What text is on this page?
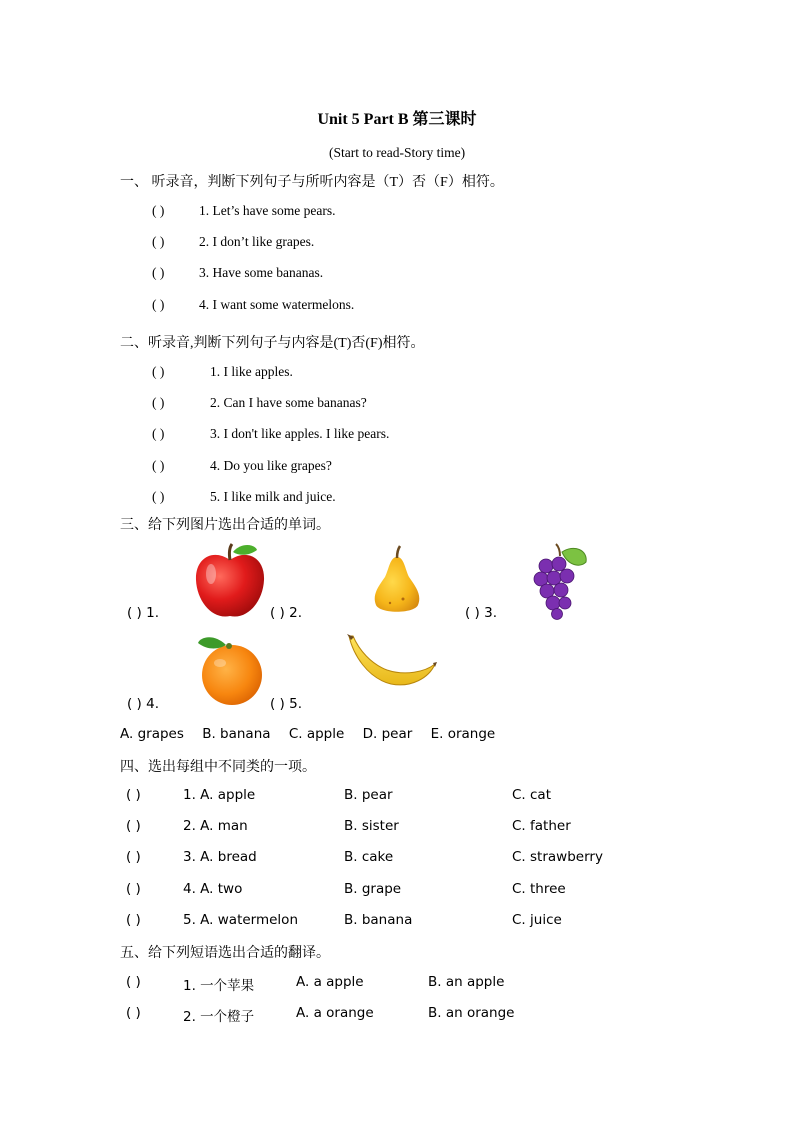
Unit 5 Part B 第三课时
(Start to read-Story time)
一、 听录音，判断下列句子与所听内容是（T）否（F）相符。
( )	1. Let’s have some pears.
( )	2. I don’t like grapes.
( )	3. Have some bananas.
( )	4. I want some watermelons.
二、听录音,判断下列句子与内容是(T)否(F)相符。
( )	1. I like apples.
( )	2. Can I have some bananas?
( )	3. I don't like apples. I like pears.
( )	4. Do you like grapes?
( )	5. I like milk and juice.
三、给下列图片选出合适的单词。
( ) 1.	( ) 2.	( ) 3.
( ) 4.	( ) 5.
A. grapes B. banana C. apple D. pear E. orange
四、选出每组中不同类的一项。
( )	1. A. apple	B. pear	C. cat
( )	2. A. man	B. sister	C. father
( )	3. A. bread	B. cake	C. strawberry
( )	4. A. two	B. grape	C. three
( )	5. A. watermelon	B. banana	C. juice
五、给下列短语选出合适的翻译。
( )	1. 一个苹果	A. a apple	B. an apple
( )	2. 一个橙子	A. a orange	B. an orange
